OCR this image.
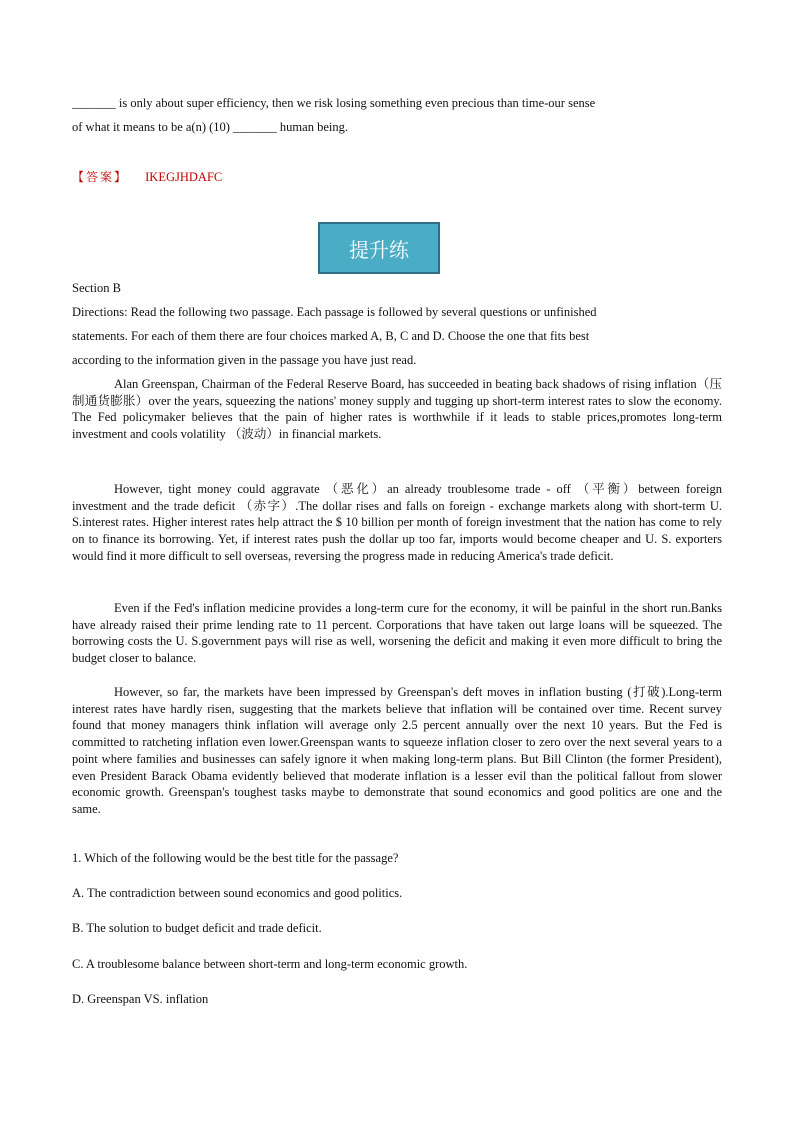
_______ is only about super efficiency, then we risk losing something even precious than time-our sense
of what it means to be a(n) (10) _______ human being.
【答案】 IKEGJHDAFC
提升练
Section B
Directions: Read the following two passage. Each passage is followed by several questions or unfinished
statements. For each of them there are four choices marked A, B, C and D. Choose the one that fits best
according to the information given in the passage you have just read.

Alan Greenspan, Chairman of the Federal Reserve Board, has succeeded in beating back shadows of rising inflation（压制通货膨胀）over the years, squeezing the nations' money supply and tugging up short-term interest rates to slow the economy. The Fed policymaker believes that the pain of higher rates is worthwhile if it leads to stable prices,promotes long-term investment and cools volatility （波动）in financial markets.

However, tight money could aggravate （恶化）an already troublesome trade - off （平衡）between foreign investment and the trade deficit （赤字）.The dollar rises and falls on foreign - exchange markets along with short-term U. S.interest rates. Higher interest rates help attract the $ 10 billion per month of foreign investment that the nation has come to rely on to finance its borrowing. Yet, if interest rates push the dollar up too far, imports would become cheaper and U. S. exporters would find it more difficult to sell overseas, reversing the progress made in reducing America's trade deficit.

Even if the Fed's inflation medicine provides a long-term cure for the economy, it will be painful in the short run.Banks have already raised their prime lending rate to 11 percent. Corporations that have taken out large loans will be squeezed. The borrowing costs the U. S.government pays will rise as well, worsening the deficit and making it even more difficult to bring the budget closer to balance.

However, so far, the markets have been impressed by Greenspan's deft moves in inflation busting (打破).Long-term interest rates have hardly risen, suggesting that the markets believe that inflation will be contained over time. Recent survey found that money managers think inflation will average only 2.5 percent annually over the next 10 years. But the Fed is committed to ratcheting inflation even lower.Greenspan wants to squeeze inflation closer to zero over the next several years to a point where families and businesses can safely ignore it when making long-term plans. But Bill Clinton (the former President), even President Barack Obama evidently believed that moderate inflation is a lesser evil than the political fallout from slower economic growth. Greenspan's toughest tasks maybe to demonstrate that sound economics and good politics are one and the same.

1. Which of the following would be the best title for the passage?
A. The contradiction between sound economics and good politics.
B. The solution to budget deficit and trade deficit.
C. A troublesome balance between short-term and long-term economic growth.
D. Greenspan VS. inflation
